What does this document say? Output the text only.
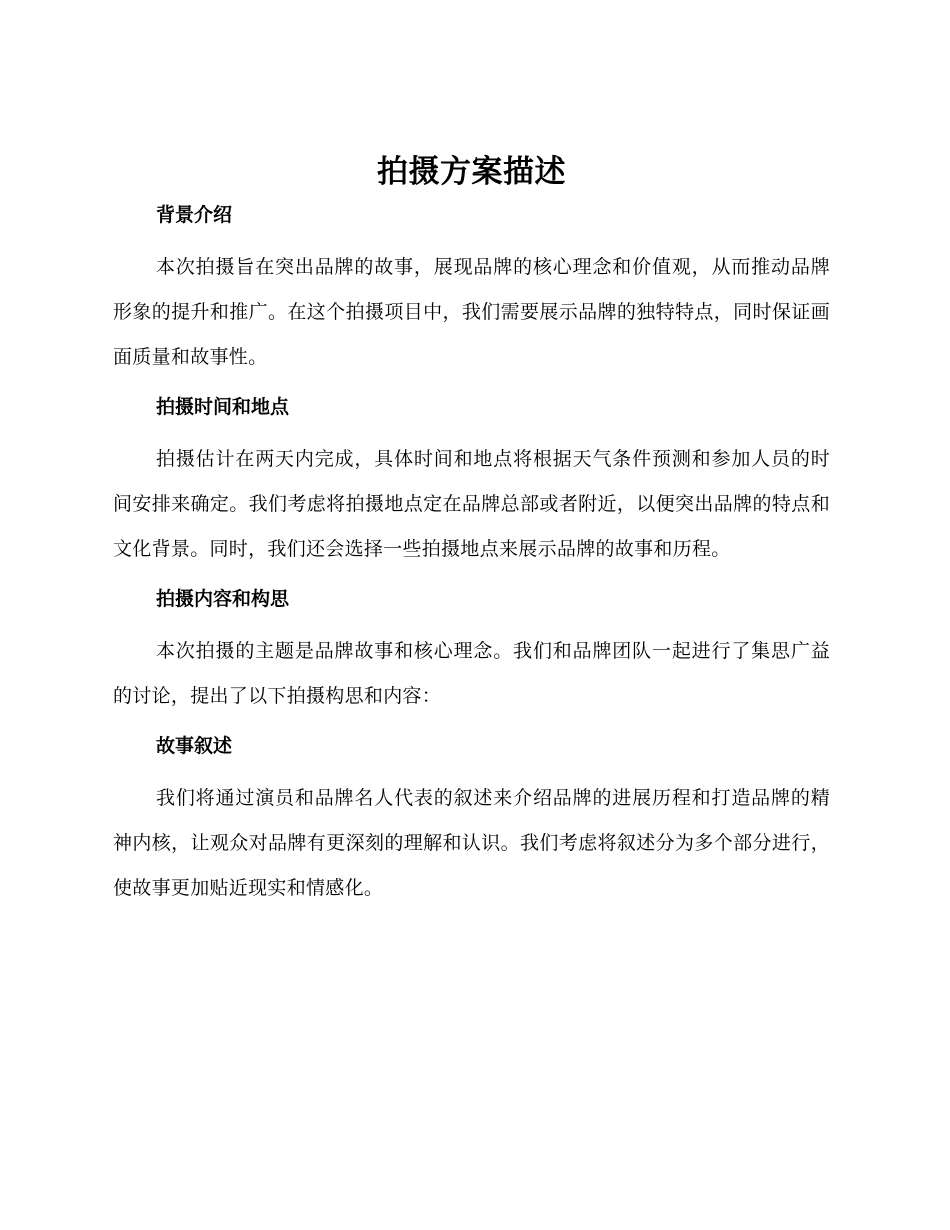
拍摄方案描述
背景介绍

本次拍摄旨在突出品牌的故事，展现品牌的核心理念和价值观，从而推动品牌形象的提升和推广。在这个拍摄项目中，我们需要展示品牌的独特特点，同时保证画面质量和故事性。

拍摄时间和地点

拍摄估计在两天内完成，具体时间和地点将根据天气条件预测和参加人员的时间安排来确定。我们考虑将拍摄地点定在品牌总部或者附近，以便突出品牌的特点和文化背景。同时，我们还会选择一些拍摄地点来展示品牌的故事和历程。

拍摄内容和构思

本次拍摄的主题是品牌故事和核心理念。我们和品牌团队一起进行了集思广益的讨论，提出了以下拍摄构思和内容：

故事叙述

我们将通过演员和品牌名人代表的叙述来介绍品牌的进展历程和打造品牌的精神内核，让观众对品牌有更深刻的理解和认识。我们考虑将叙述分为多个部分进行，使故事更加贴近现实和情感化。
